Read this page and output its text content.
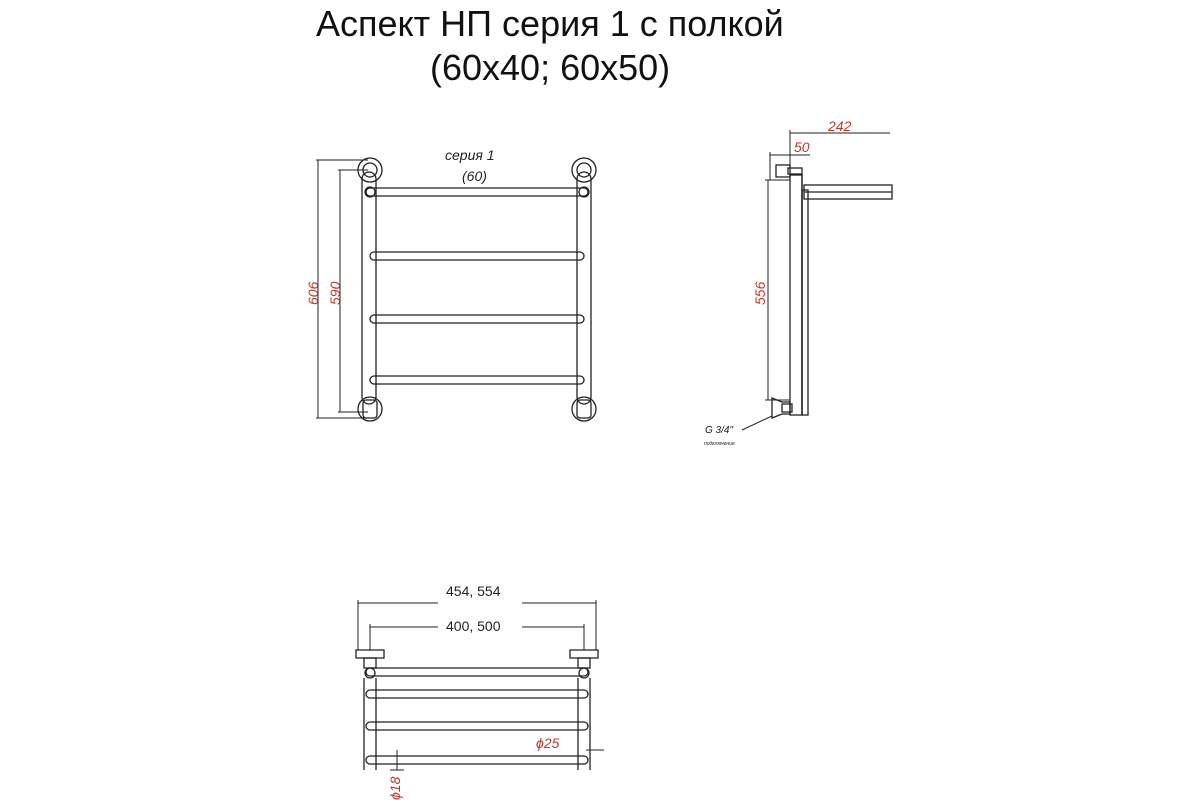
Аспект НП серия 1 с полкой
(60x40; 60x50)
серия 1
(60)
606 590
242
50
556
G 3/4"
подключение
454, 554
400, 500
ϕ25
ϕ18
